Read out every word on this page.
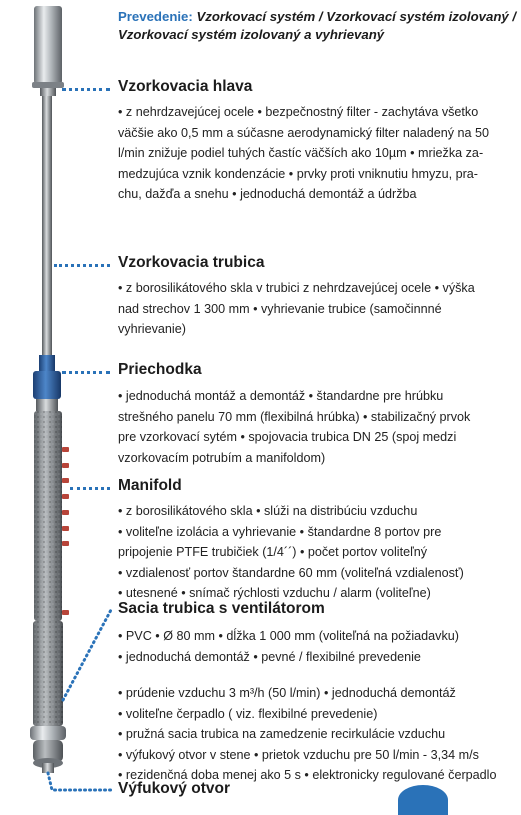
Prevedenie: Vzorkovací systém / Vzorkovací systém izolovaný /
Vzorkovací systém izolovaný a vyhrievaný
Vzorkovacia hlava
• z nehrdzavejúcej ocele • bezpečnostný filter - zachytáva všetko
väčšie ako 0,5 mm a súčasne aerodynamický filter naladený na 50
l/min znižuje podiel tuhých častíc väčších ako 10µm • mriežka za-
medzujúca vznik kondenzácie • prvky proti vniknutiu hmyzu, pra-
chu, dažďa a snehu • jednoduchá demontáž a údržba
Vzorkovacia trubica
• z borosilikátového skla v trubici z nehrdzavejúcej ocele • výška
nad strechov 1 300 mm • vyhrievanie trubice (samočinnné
vyhrievanie)
Priechodka
• jednoduchá montáž a demontáž • štandardne pre hrúbku
strešného panelu 70 mm (flexibilná hrúbka) • stabilizačný prvok
pre vzorkovací sytém • spojovacia trubica DN 25 (spoj medzi
vzorkovacím potrubím a manifoldom)
Manifold
• z borosilikátového skla • slúži na distribúciu vzduchu
• voliteľne izolácia a vyhrievanie • štandardne 8 portov pre
pripojenie PTFE trubičiek (1/4´´) • počet portov voliteľný
• vzdialenosť portov štandardne 60 mm (voliteľná vzdialenosť)
• utesnené • snímač rýchlosti vzduchu / alarm (voliteľne)
Sacia trubica s ventilátorom
• PVC • Ø 80 mm • dĺžka 1 000 mm (voliteľná na požiadavku)
• jednoduchá demontáž • pevné / flexibilné prevedenie
• prúdenie vzduchu 3 m³/h (50 l/min) • jednoduchá demontáž
• voliteľne čerpadlo ( viz. flexibilné prevedenie)
• pružná sacia trubica na zamedzenie recirkulácie vzduchu
• výfukový otvor v stene • prietok vzduchu pre 50 l/min - 3,34 m/s
• rezidenčná doba menej ako 5 s • elektronicky regulované čerpadlo
Výfukový otvor
